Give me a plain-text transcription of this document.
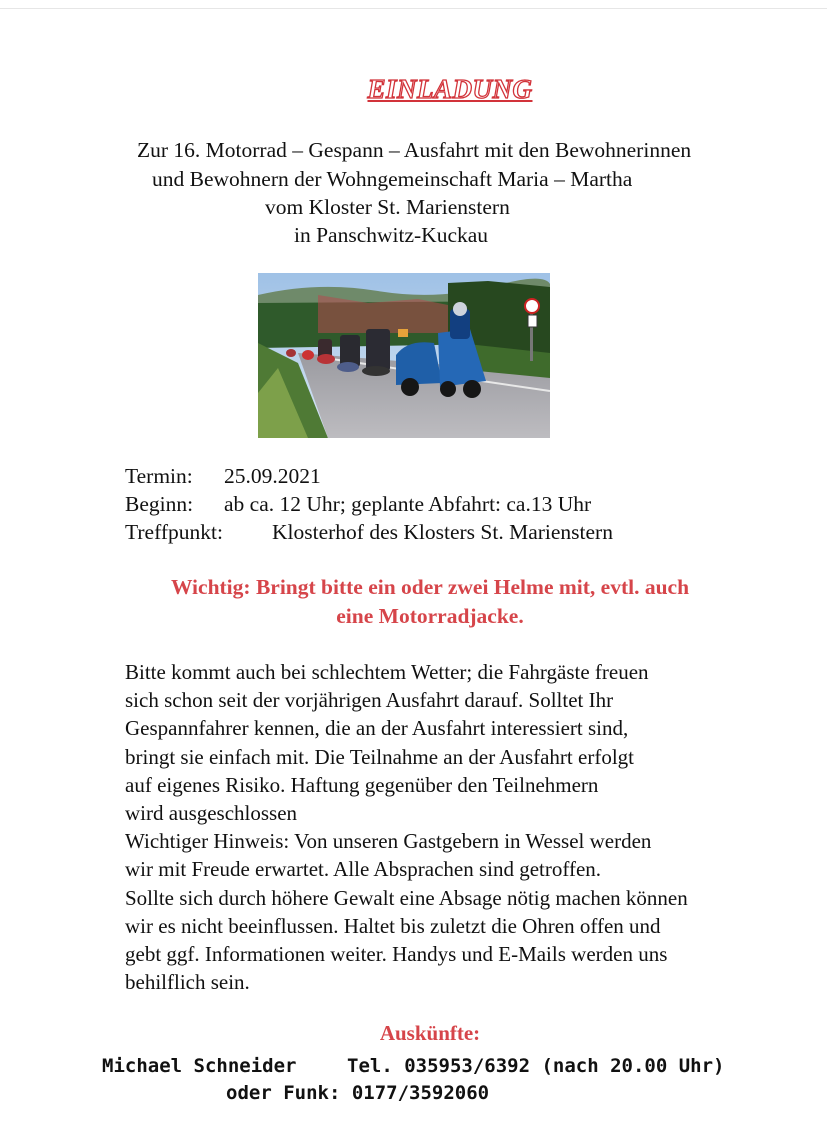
EINLADUNG
Zur 16. Motorrad – Gespann – Ausfahrt mit den Bewohnerinnen
und Bewohnern der Wohngemeinschaft Maria – Martha
vom Kloster St. Marienstern
in Panschwitz-Kuckau
Termin: 25.09.2021
Beginn: ab ca. 12 Uhr; geplante Abfahrt: ca.13 Uhr
Treffpunkt: Klosterhof des Klosters St. Marienstern
Wichtig: Bringt bitte ein oder zwei Helme mit, evtl. auch
eine Motorradjacke.
Bitte kommt auch bei schlechtem Wetter; die Fahrgäste freuen
sich schon seit der vorjährigen Ausfahrt darauf. Solltet Ihr
Gespannfahrer kennen, die an der Ausfahrt interessiert sind,
bringt sie einfach mit. Die Teilnahme an der Ausfahrt erfolgt
auf eigenes Risiko. Haftung gegenüber den Teilnehmern
wird ausgeschlossen
Wichtiger Hinweis: Von unseren Gastgebern in Wessel werden
wir mit Freude erwartet. Alle Absprachen sind getroffen.
Sollte sich durch höhere Gewalt eine Absage nötig machen können
wir es nicht beeinflussen. Haltet bis zuletzt die Ohren offen und
gebt ggf. Informationen weiter. Handys und E-Mails werden uns
behilflich sein.
Auskünfte:
Michael Schneider	Tel. 035953/6392 (nach 20.00 Uhr)
oder Funk: 0177/3592060
